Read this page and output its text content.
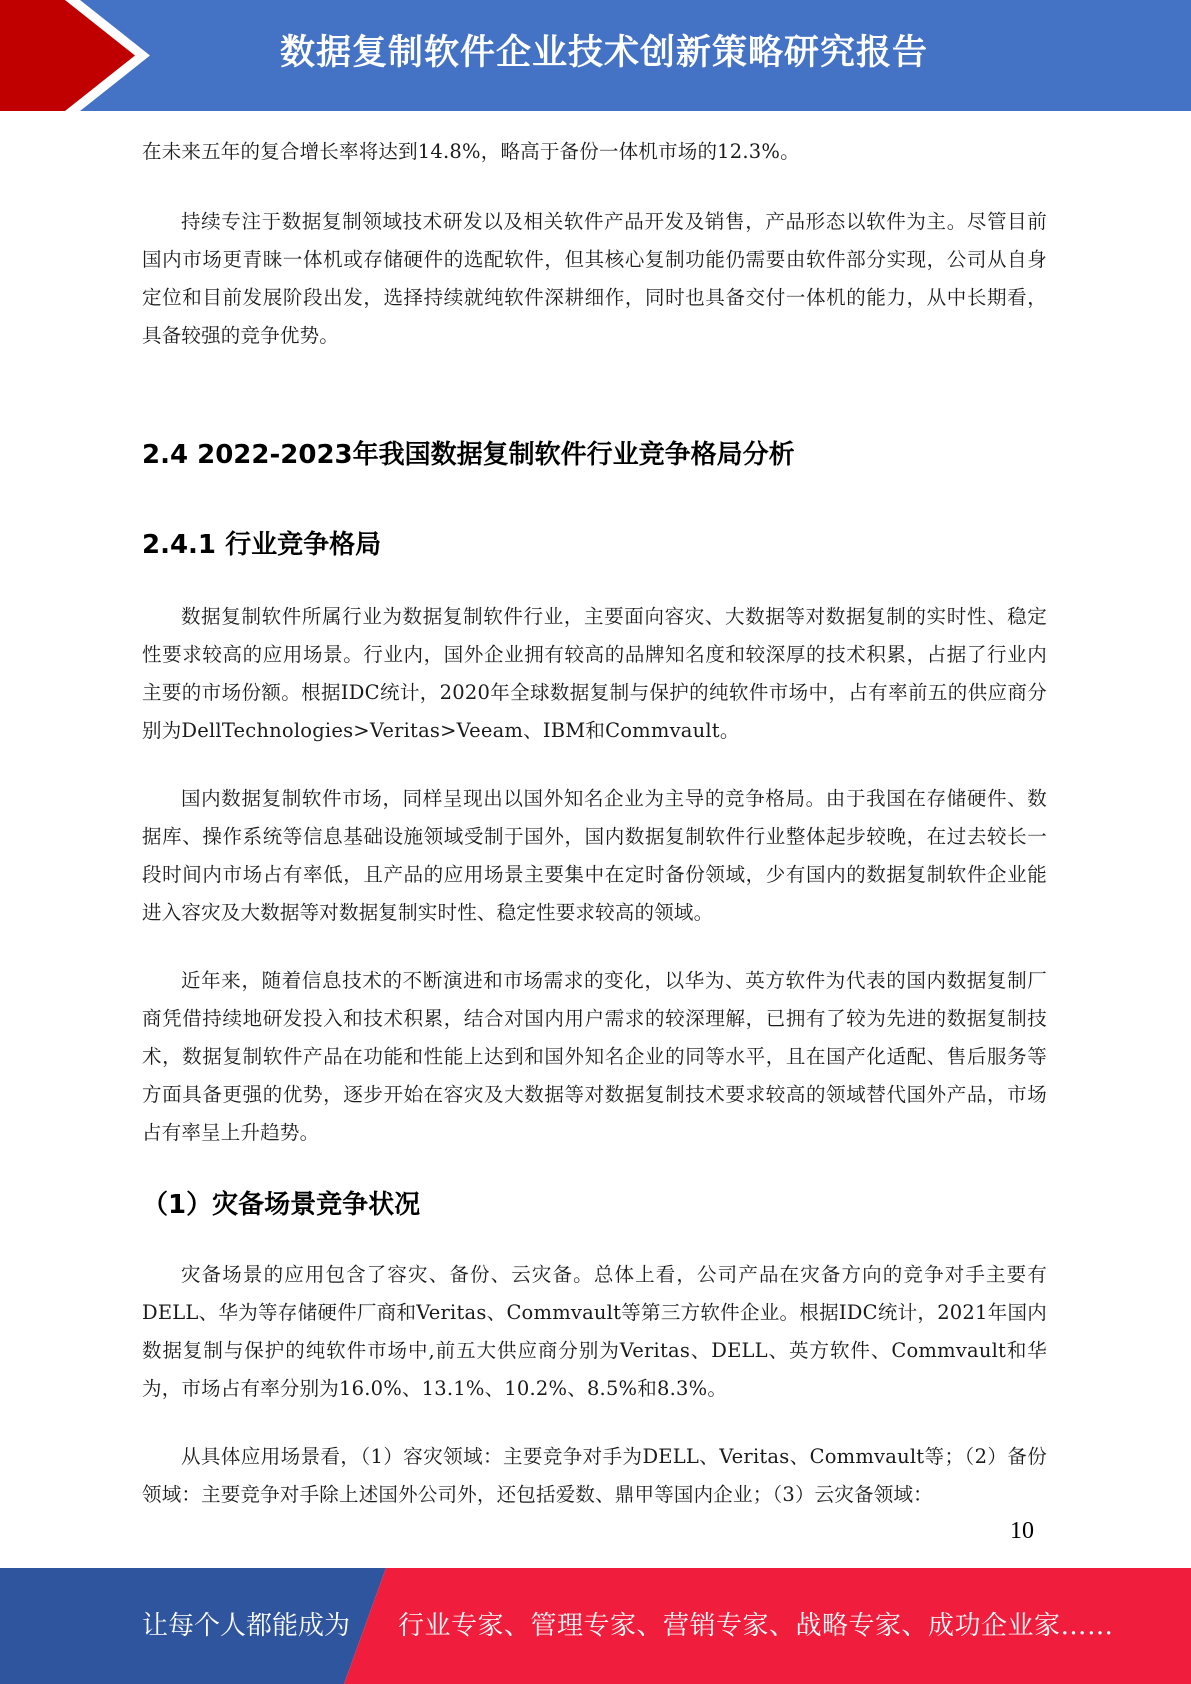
数据复制软件企业技术创新策略研究报告
在未来五年的复合增长率将达到14.8%，略高于备份一体机市场的12.3%。
持续专注于数据复制领域技术研发以及相关软件产品开发及销售，产品形态以软件为主。尽管目前国内市场更青睐一体机或存储硬件的选配软件，但其核心复制功能仍需要由软件部分实现，公司从自身定位和目前发展阶段出发，选择持续就纯软件深耕细作，同时也具备交付一体机的能力，从中长期看，具备较强的竞争优势。
2.4 2022-2023年我国数据复制软件行业竞争格局分析
2.4.1 行业竞争格局
数据复制软件所属行业为数据复制软件行业，主要面向容灾、大数据等对数据复制的实时性、稳定性要求较高的应用场景。行业内，国外企业拥有较高的品牌知名度和较深厚的技术积累，占据了行业内主要的市场份额。根据IDC统计，2020年全球数据复制与保护的纯软件市场中，占有率前五的供应商分别为DellTechnologies>Veritas>Veeam、IBM和Commvault。
国内数据复制软件市场，同样呈现出以国外知名企业为主导的竞争格局。由于我国在存储硬件、数据库、操作系统等信息基础设施领域受制于国外，国内数据复制软件行业整体起步较晚，在过去较长一段时间内市场占有率低，且产品的应用场景主要集中在定时备份领域，少有国内的数据复制软件企业能进入容灾及大数据等对数据复制实时性、稳定性要求较高的领域。
近年来，随着信息技术的不断演进和市场需求的变化，以华为、英方软件为代表的国内数据复制厂商凭借持续地研发投入和技术积累，结合对国内用户需求的较深理解，已拥有了较为先进的数据复制技术，数据复制软件产品在功能和性能上达到和国外知名企业的同等水平，且在国产化适配、售后服务等方面具备更强的优势，逐步开始在容灾及大数据等对数据复制技术要求较高的领域替代国外产品，市场占有率呈上升趋势。
（1）灾备场景竞争状况
灾备场景的应用包含了容灾、备份、云灾备。总体上看，公司产品在灾备方向的竞争对手主要有DELL、华为等存储硬件厂商和Veritas、Commvault等第三方软件企业。根据IDC统计，2021年国内数据复制与保护的纯软件市场中,前五大供应商分别为Veritas、DELL、英方软件、Commvault和华为，市场占有率分别为16.0%、13.1%、10.2%、8.5%和8.3%。
从具体应用场景看，（1）容灾领域：主要竞争对手为DELL、Veritas、Commvault等；（2）备份领域：主要竞争对手除上述国外公司外，还包括爱数、鼎甲等国内企业；（3）云灾备领域：
10
让每个人都能成为 行业专家、管理专家、营销专家、战略专家、成功企业家……
